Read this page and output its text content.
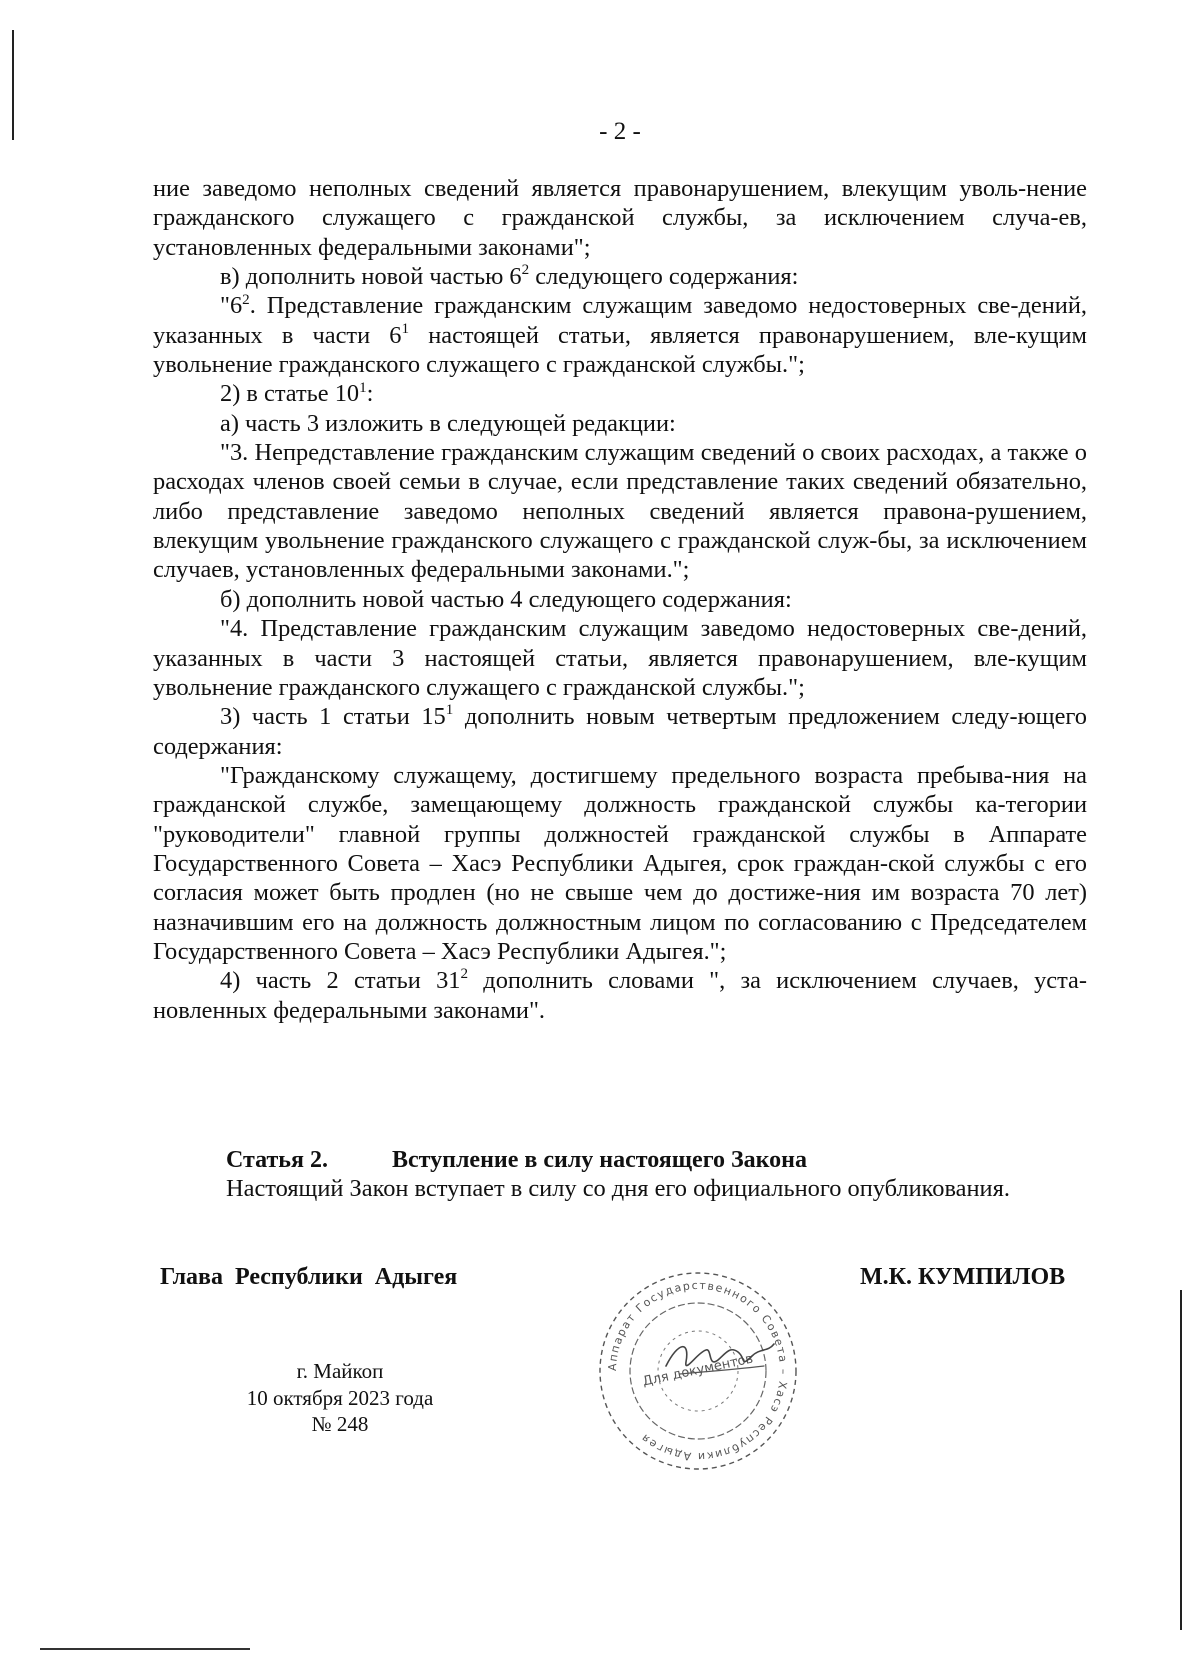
- 2 -

ние заведомо неполных сведений является правонарушением, влекущим уволь-нение гражданского служащего с гражданской службы, за исключением случа-ев, установленных федеральными законами";

в) дополнить новой частью $6^2$ следующего содержания:

"$6^2$. Представление гражданским служащим заведомо недостоверных све-дений, указанных в части $6^1$ настоящей статьи, является правонарушением, вле-кущим увольнение гражданского служащего с гражданской службы.";

2) в статье $10^1$:

а) часть 3 изложить в следующей редакции:

"3. Непредставление гражданским служащим сведений о своих расходах, а также о расходах членов своей семьи в случае, если представление таких сведений обязательно, либо представление заведомо неполных сведений является правона-рушением, влекущим увольнение гражданского служащего с гражданской служ-бы, за исключением случаев, установленных федеральными законами.";

б) дополнить новой частью 4 следующего содержания:

"4. Представление гражданским служащим заведомо недостоверных све-дений, указанных в части 3 настоящей статьи, является правонарушением, вле-кущим увольнение гражданского служащего с гражданской службы.";

3) часть 1 статьи $15^1$ дополнить новым четвертым предложением следу-ющего содержания:

"Гражданскому служащему, достигшему предельного возраста пребыва-ния на гражданской службе, замещающему должность гражданской службы ка-тегории "руководители" главной группы должностей гражданской службы в Аппарате Государственного Совета – Хасэ Республики Адыгея, срок граждан-ской службы с его согласия может быть продлен (но не свыше чем до достиже-ния им возраста 70 лет) назначившим его на должность должностным лицом по согласованию с Председателем Государственного Совета – Хасэ Республики Адыгея.";

4) часть 2 статьи $31^2$ дополнить словами ", за исключением случаев, уста-новленных федеральными законами".

Статья 2.	Вступление в силу настоящего Закона
Настоящий Закон вступает в силу со дня его официального опубликования.
Глава Республики Адыгея	М.К. КУМПИЛОВ
г. Майкоп
10 октября 2023 года
№ 248
Аппарат Государственного Совета – Хасэ Республики Адыгея
Для документов
